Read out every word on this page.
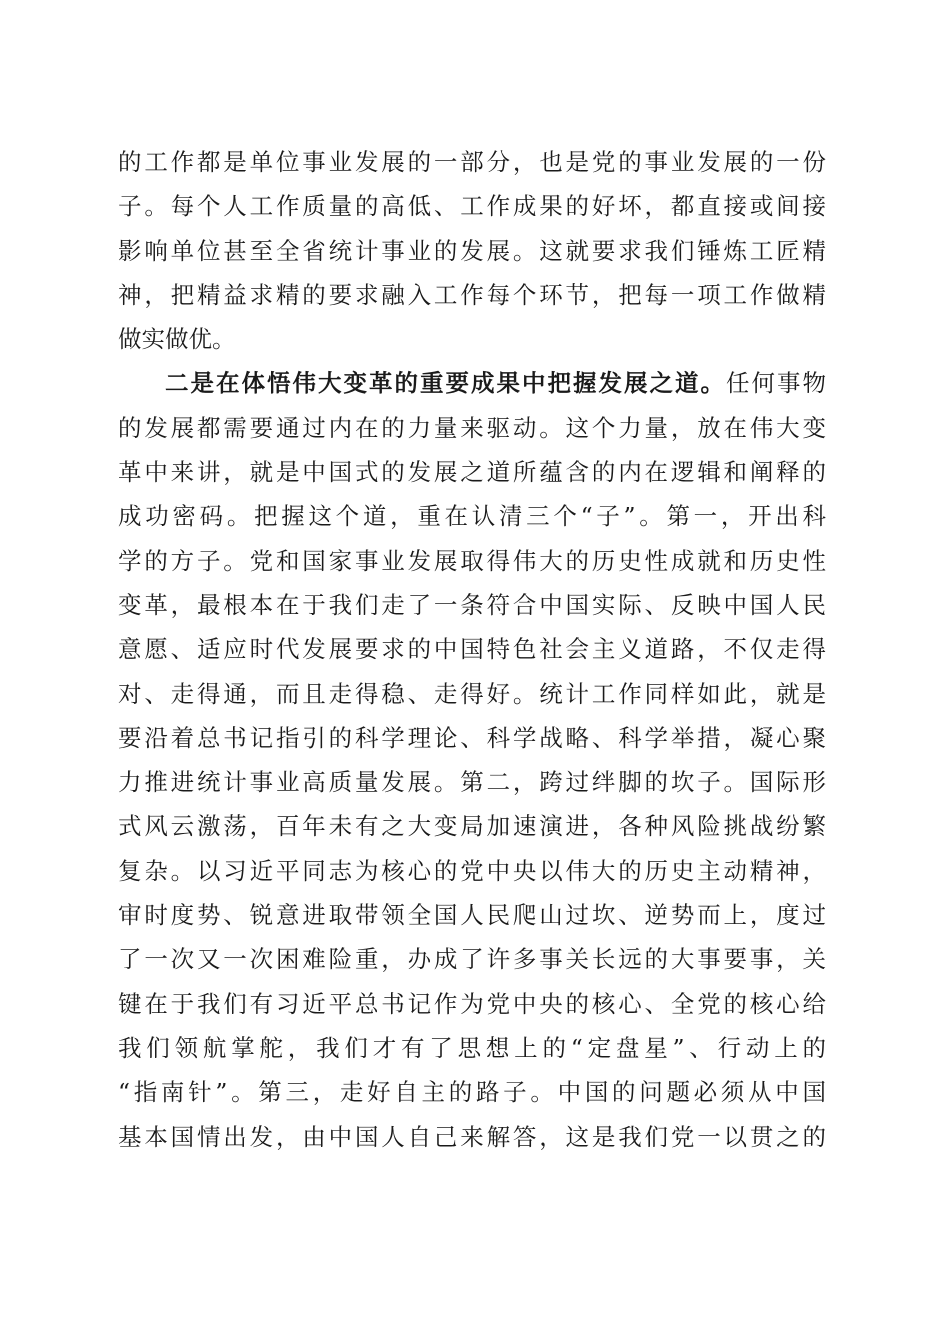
的工作都是单位事业发展的一部分，也是党的事业发展的一份
子。每个人工作质量的高低、工作成果的好坏，都直接或间接
影响单位甚至全省统计事业的发展。这就要求我们锤炼工匠精
神，把精益求精的要求融入工作每个环节，把每一项工作做精
做实做优。
二是在体悟伟大变革的重要成果中把握发展之道。任何事物
的发展都需要通过内在的力量来驱动。这个力量，放在伟大变
革中来讲，就是中国式的发展之道所蕴含的内在逻辑和阐释的
成功密码。把握这个道，重在认清三个“子”。第一，开出科
学的方子。党和国家事业发展取得伟大的历史性成就和历史性
变革，最根本在于我们走了一条符合中国实际、反映中国人民
意愿、适应时代发展要求的中国特色社会主义道路，不仅走得
对、走得通，而且走得稳、走得好。统计工作同样如此，就是
要沿着总书记指引的科学理论、科学战略、科学举措，凝心聚
力推进统计事业高质量发展。第二，跨过绊脚的坎子。国际形
式风云激荡，百年未有之大变局加速演进，各种风险挑战纷繁
复杂。以习近平同志为核心的党中央以伟大的历史主动精神，
审时度势、锐意进取带领全国人民爬山过坎、逆势而上，度过
了一次又一次困难险重，办成了许多事关长远的大事要事，关
键在于我们有习近平总书记作为党中央的核心、全党的核心给
我们领航掌舵，我们才有了思想上的“定盘星”、行动上的
“指南针”。第三，走好自主的路子。中国的问题必须从中国
基本国情出发，由中国人自己来解答，这是我们党一以贯之的
